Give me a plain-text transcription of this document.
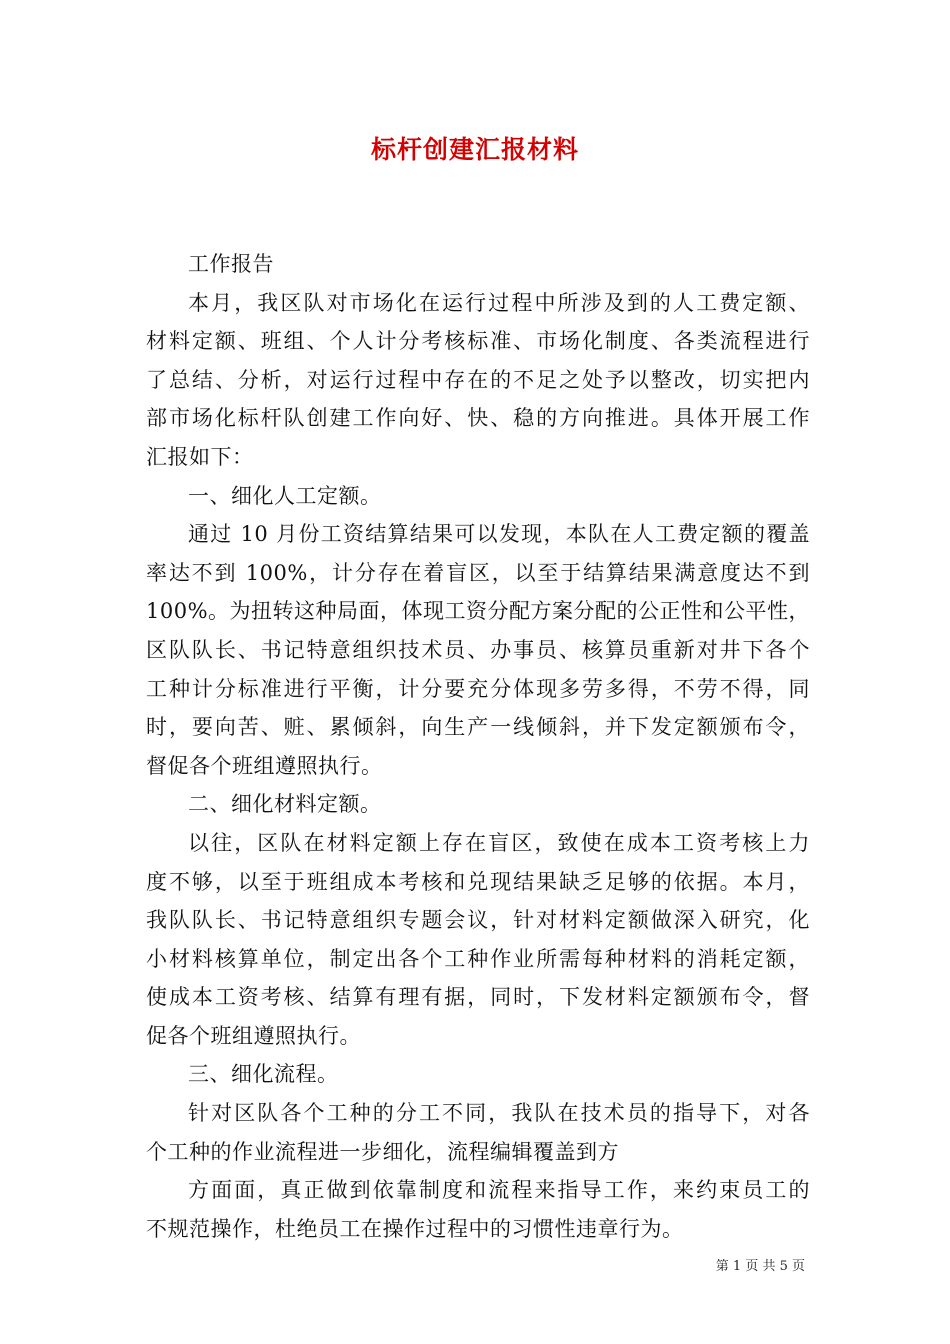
标杆创建汇报材料
工作报告
本月，我区队对市场化在运行过程中所涉及到的人工费定额、
材料定额、班组、个人计分考核标准、市场化制度、各类流程进行
了总结、分析，对运行过程中存在的不足之处予以整改，切实把内
部市场化标杆队创建工作向好、快、稳的方向推进。具体开展工作
汇报如下：
一、细化人工定额。
通过 10 月份工资结算结果可以发现，本队在人工费定额的覆盖
率达不到 100%，计分存在着盲区，以至于结算结果满意度达不到
100%。为扭转这种局面，体现工资分配方案分配的公正性和公平性，
区队队长、书记特意组织技术员、办事员、核算员重新对井下各个
工种计分标准进行平衡，计分要充分体现多劳多得，不劳不得，同
时，要向苦、赃、累倾斜，向生产一线倾斜，并下发定额颁布令，
督促各个班组遵照执行。
二、细化材料定额。
以往，区队在材料定额上存在盲区，致使在成本工资考核上力
度不够，以至于班组成本考核和兑现结果缺乏足够的依据。本月，
我队队长、书记特意组织专题会议，针对材料定额做深入研究，化
小材料核算单位，制定出各个工种作业所需每种材料的消耗定额，
使成本工资考核、结算有理有据，同时，下发材料定额颁布令，督
促各个班组遵照执行。
三、细化流程。
针对区队各个工种的分工不同，我队在技术员的指导下，对各
个工种的作业流程进一步细化，流程编辑覆盖到方
方面面，真正做到依靠制度和流程来指导工作，来约束员工的
不规范操作，杜绝员工在操作过程中的习惯性违章行为。
第 1 页 共 5 页
